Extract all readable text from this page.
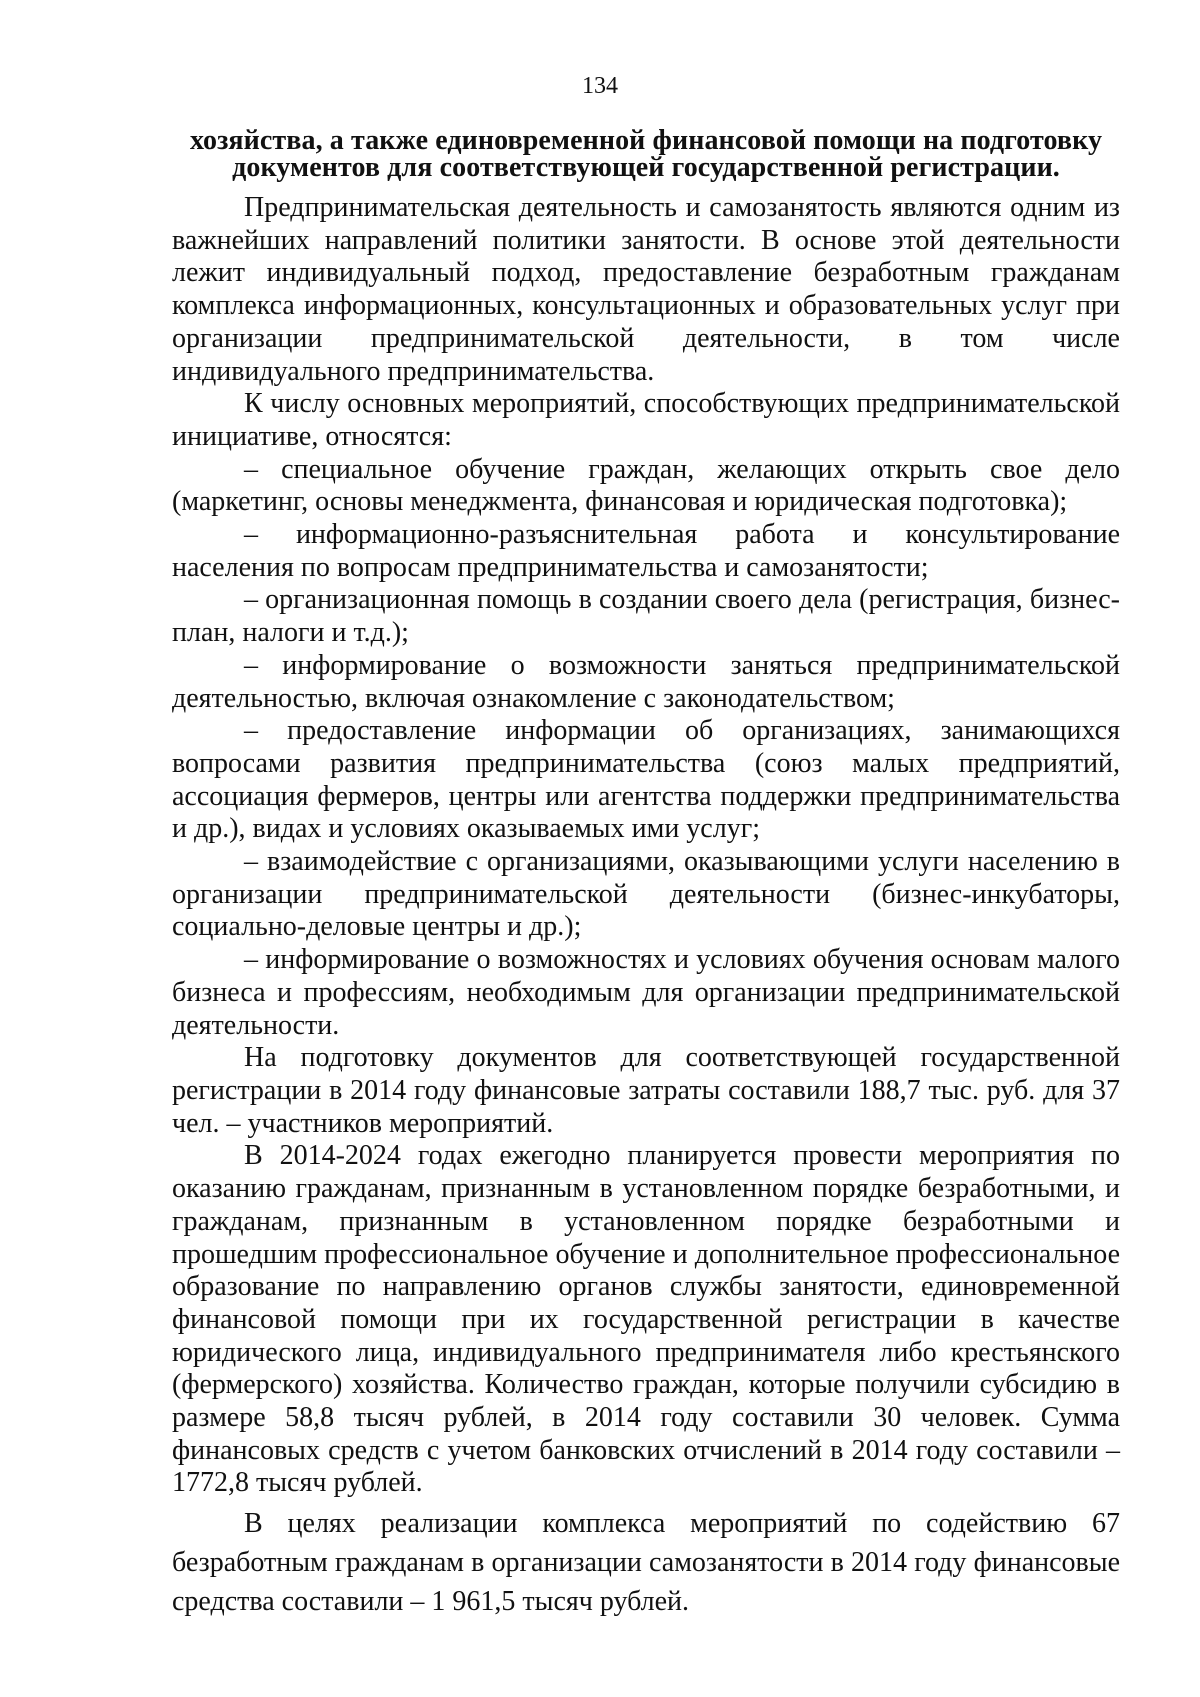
134
хозяйства, а также единовременной финансовой помощи на подготовку
документов для соответствующей государственной регистрации.

Предпринимательская деятельность и самозанятость являются одним из важнейших направлений политики занятости. В основе этой деятельности лежит индивидуальный подход, предоставление безработным гражданам комплекса информационных, консультационных и образовательных услуг при организации предпринимательской деятельности, в том числе индивидуального предпринимательства.

К числу основных мероприятий, способствующих предпринимательской инициативе, относятся:

– специальное обучение граждан, желающих открыть свое дело (маркетинг, основы менеджмента, финансовая и юридическая подготовка);

– информационно-разъяснительная работа и консультирование населения по вопросам предпринимательства и самозанятости;

– организационная помощь в создании своего дела (регистрация, бизнес-план, налоги и т.д.);

– информирование о возможности заняться предпринимательской деятельностью, включая ознакомление с законодательством;

– предоставление информации об организациях, занимающихся вопросами развития предпринимательства (союз малых предприятий, ассоциация фермеров, центры или агентства поддержки предпринимательства и др.), видах и условиях оказываемых ими услуг;

– взаимодействие с организациями, оказывающими услуги населению в организации предпринимательской деятельности (бизнес-инкубаторы, социально-деловые центры и др.);

– информирование о возможностях и условиях обучения основам малого бизнеса и профессиям, необходимым для организации предпринимательской деятельности.

На подготовку документов для соответствующей государственной регистрации в 2014 году финансовые затраты составили 188,7 тыс. руб. для 37 чел. – участников мероприятий.

В 2014-2024 годах ежегодно планируется провести мероприятия по оказанию гражданам, признанным в установленном порядке безработными, и гражданам, признанным в установленном порядке безработными и прошедшим профессиональное обучение и дополнительное профессиональное образование по направлению органов службы занятости, единовременной финансовой помощи при их государственной регистрации в качестве юридического лица, индивидуального предпринимателя либо крестьянского (фермерского) хозяйства. Количество граждан, которые получили субсидию в размере 58,8 тысяч рублей, в 2014 году составили 30 человек. Сумма финансовых средств с учетом банковских отчислений в 2014 году составили – 1772,8 тысяч рублей.

В целях реализации комплекса мероприятий по содействию 67 безработным гражданам в организации самозанятости в 2014 году финансовые средства составили – 1 961,5 тысяч рублей.
